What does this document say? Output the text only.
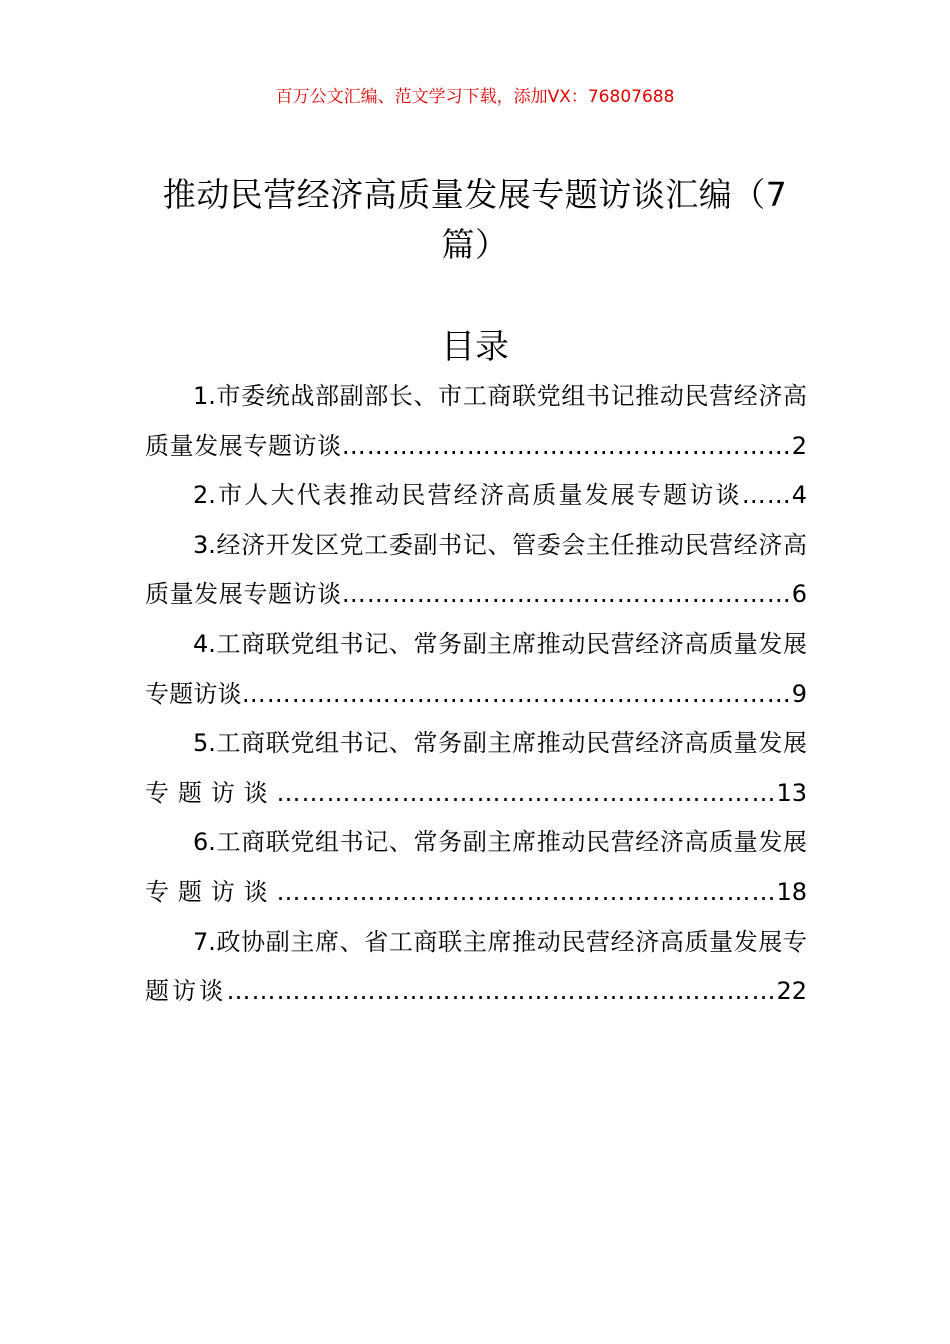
百万公文汇编、范文学习下载，添加VX：76807688
推动民营经济高质量发展专题访谈汇编（7篇）
目录
1.市委统战部副部长、市工商联党组书记推动民营经济高质量发展专题访谈………………………………………………2
2.市人大代表推动民营经济高质量发展专题访谈……4
3.经济开发区党工委副书记、管委会主任推动民营经济高质量发展专题访谈………………………………………………6
4.工商联党组书记、常务副主席推动民营经济高质量发展专题访谈…………………………………………………………9
5.工商联党组书记、常务副主席推动民营经济高质量发展专题访谈……………………………………………………13
6.工商联党组书记、常务副主席推动民营经济高质量发展专题访谈……………………………………………………18
7.政协副主席、省工商联主席推动民营经济高质量发展专题访谈…………………………………………………………22
